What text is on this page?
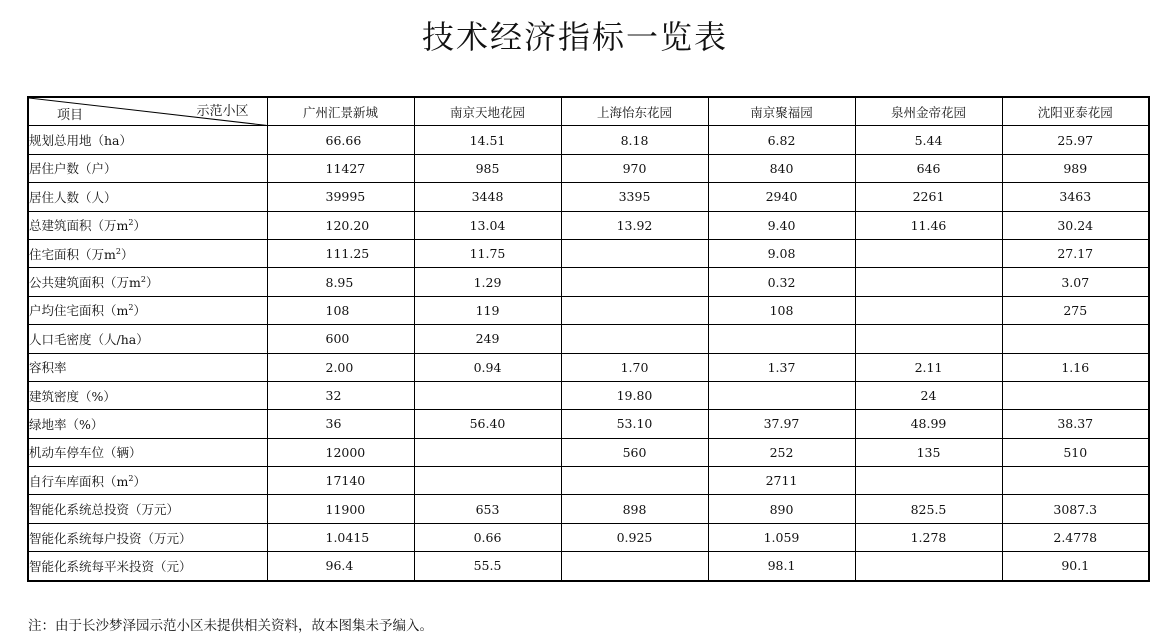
技术经济指标一览表
示范小区
项目	广州汇景新城	南京天地花园	上海怡东花园	南京聚福园	泉州金帝花园	沈阳亚泰花园
规划总用地（ha）	66.66	14.51	8.18	6.82	5.44	25.97
居住户数（户）	11427	985	970	840	646	989
居住人数（人）	39995	3448	3395	2940	2261	3463
总建筑面积（万$m^2$）	120.20	13.04	13.92	9.40	11.46	30.24
住宅面积（万$m^2$）	111.25	11.75		9.08		27.17
公共建筑面积（万$m^2$）	8.95	1.29		0.32		3.07
户均住宅面积$(m^2)$	108	119		108		275
人口毛密度（人/ha）	600	249				
容积率	2.00	0.94	1.70	1.37	2.11	1.16
建筑密度（%）	32		19.80		24	
绿地率（%）	36	56.40	53.10	37.97	48.99	38.37
机动车停车位（辆）	12000		560	252	135	510
自行车库面积$(m^2)$	17140			2711		
智能化系统总投资（万元）	11900	653	898	890	825.5	3087.3
智能化系统每户投资（万元）	1.0415	0.66	0.925	1.059	1.278	2.4778
智能化系统每平米投资（元）	96.4	55.5		98.1		90.1
注：由于长沙梦泽园示范小区未提供相关资料，故本图集未予编入。
